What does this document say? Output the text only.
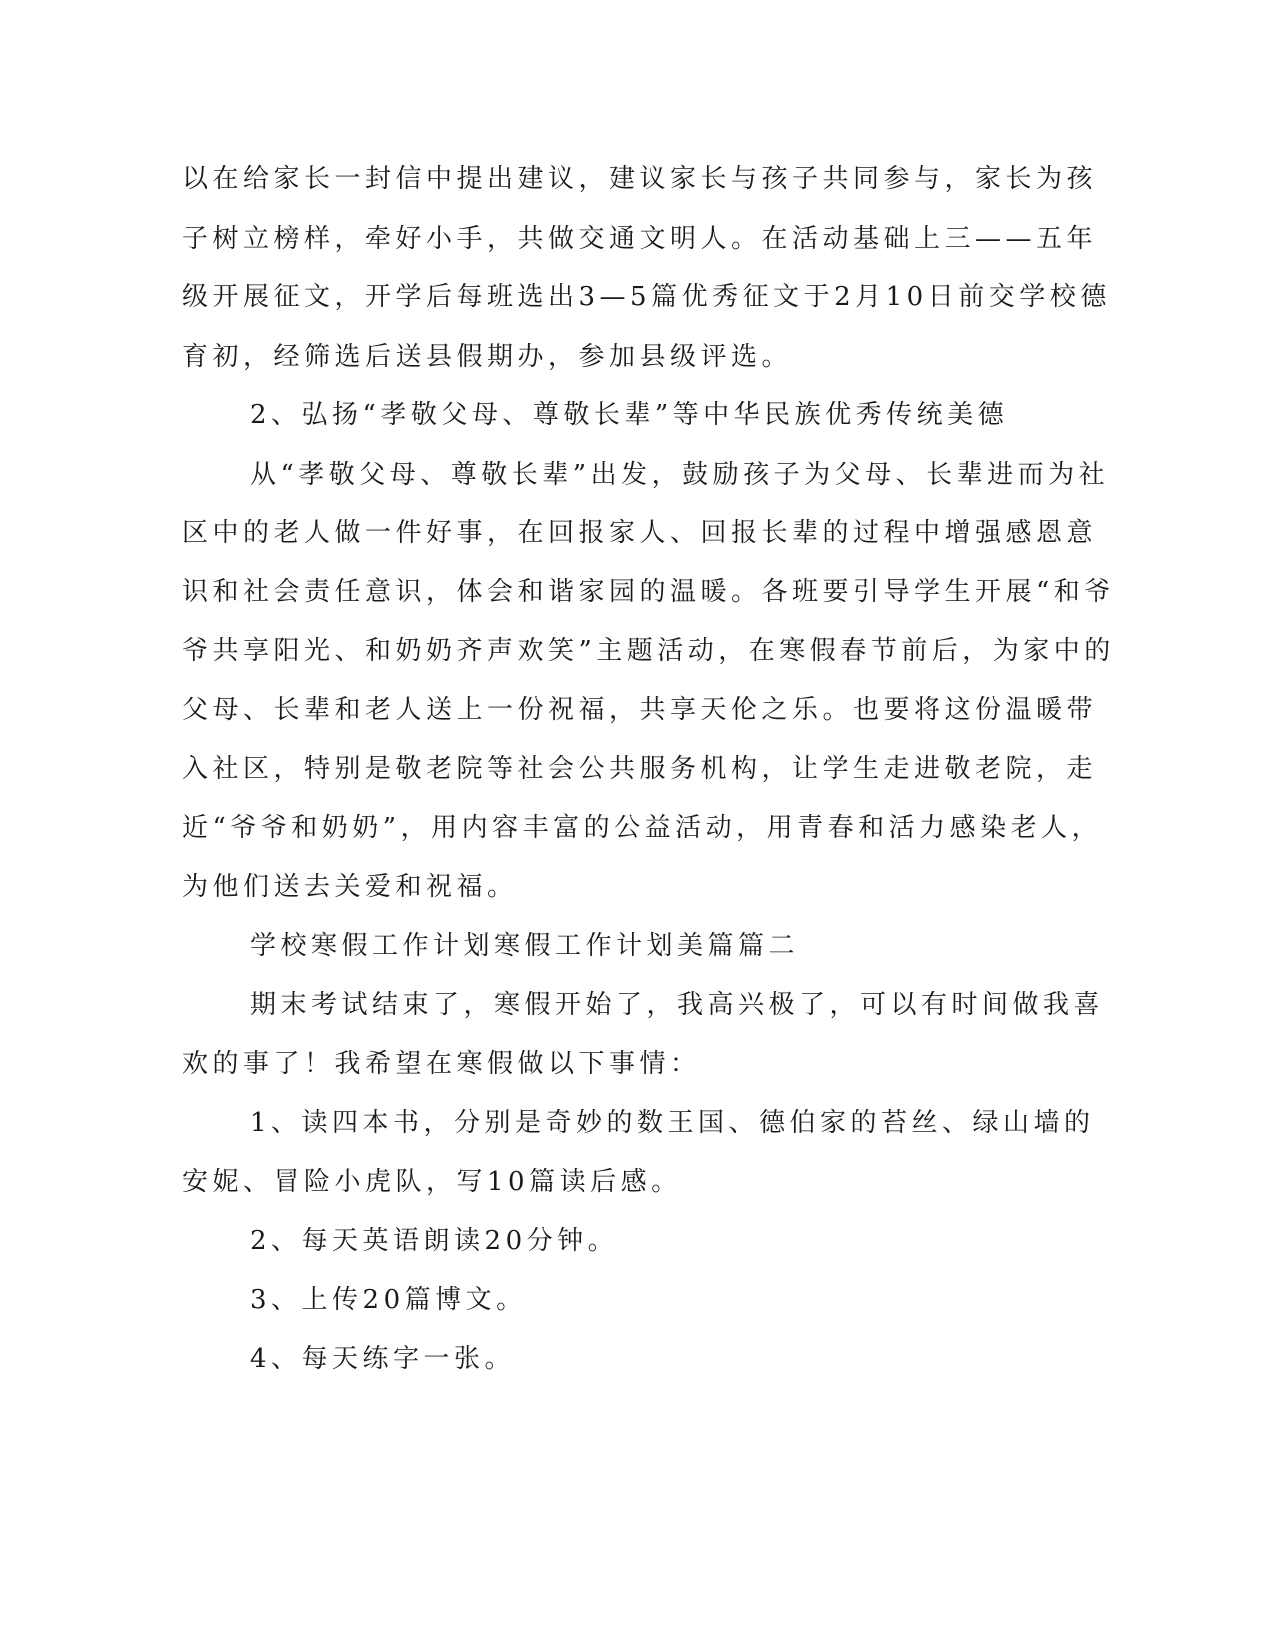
以在给家长一封信中提出建议，建议家长与孩子共同参与，家长为孩
子树立榜样，牵好小手，共做交通文明人。在活动基础上三——五年
级开展征文，开学后每班选出3—5篇优秀征文于2月10日前交学校德
育初，经筛选后送县假期办，参加县级评选。
2、弘扬“孝敬父母、尊敬长辈”等中华民族优秀传统美德
从“孝敬父母、尊敬长辈”出发，鼓励孩子为父母、长辈进而为社
区中的老人做一件好事，在回报家人、回报长辈的过程中增强感恩意
识和社会责任意识，体会和谐家园的温暖。各班要引导学生开展“和爷
爷共享阳光、和奶奶齐声欢笑”主题活动，在寒假春节前后，为家中的
父母、长辈和老人送上一份祝福，共享天伦之乐。也要将这份温暖带
入社区，特别是敬老院等社会公共服务机构，让学生走进敬老院，走
近“爷爷和奶奶”，用内容丰富的公益活动，用青春和活力感染老人，
为他们送去关爱和祝福。
学校寒假工作计划寒假工作计划美篇篇二
期末考试结束了，寒假开始了，我高兴极了，可以有时间做我喜
欢的事了！我希望在寒假做以下事情：
1、读四本书，分别是奇妙的数王国、德伯家的苔丝、绿山墙的
安妮、冒险小虎队，写10篇读后感。
2、每天英语朗读20分钟。
3、上传20篇博文。
4、每天练字一张。
